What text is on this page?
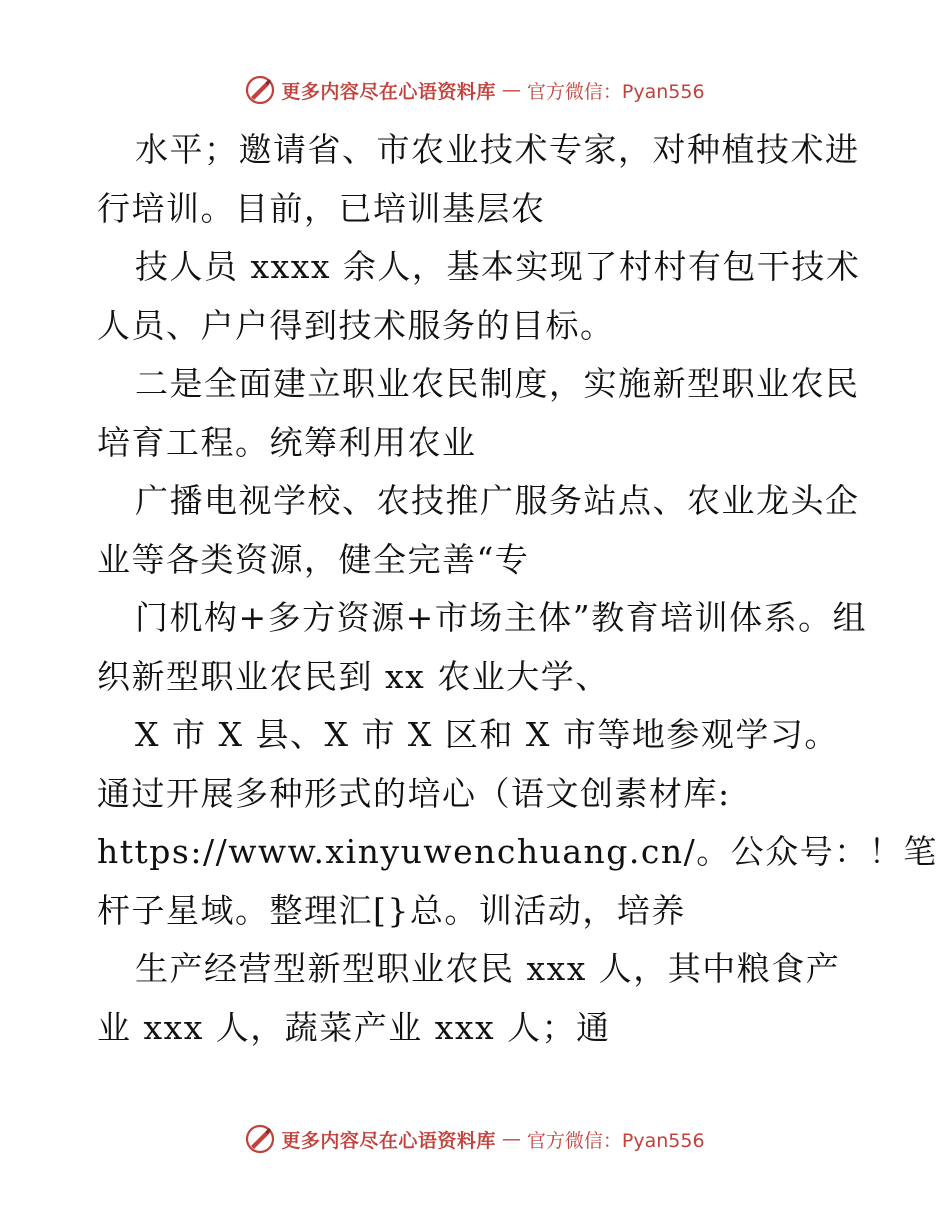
更多内容尽在心语资料库 — 官方微信：Pyan556
水平；邀请省、市农业技术专家，对种植技术进
行培训。目前，已培训基层农
技人员 xxxx 余人，基本实现了村村有包干技术
人员、户户得到技术服务的目标。
二是全面建立职业农民制度，实施新型职业农民
培育工程。统筹利用农业
广播电视学校、农技推广服务站点、农业龙头企
业等各类资源，健全完善“专
门机构+多方资源+市场主体”教育培训体系。组
织新型职业农民到 xx 农业大学、
X 市 X 县、X 市 X 区和 X 市等地参观学习。
通过开展多种形式的培心（语文创素材库:
https://www.xinyuwenchuang.cn/。公众号：！笔
杆子星域。整理汇[}总。训活动，培养
生产经营型新型职业农民 xxx 人，其中粮食产
业 xxx 人，蔬菜产业 xxx 人；通
更多内容尽在心语资料库 — 官方微信：Pyan556
